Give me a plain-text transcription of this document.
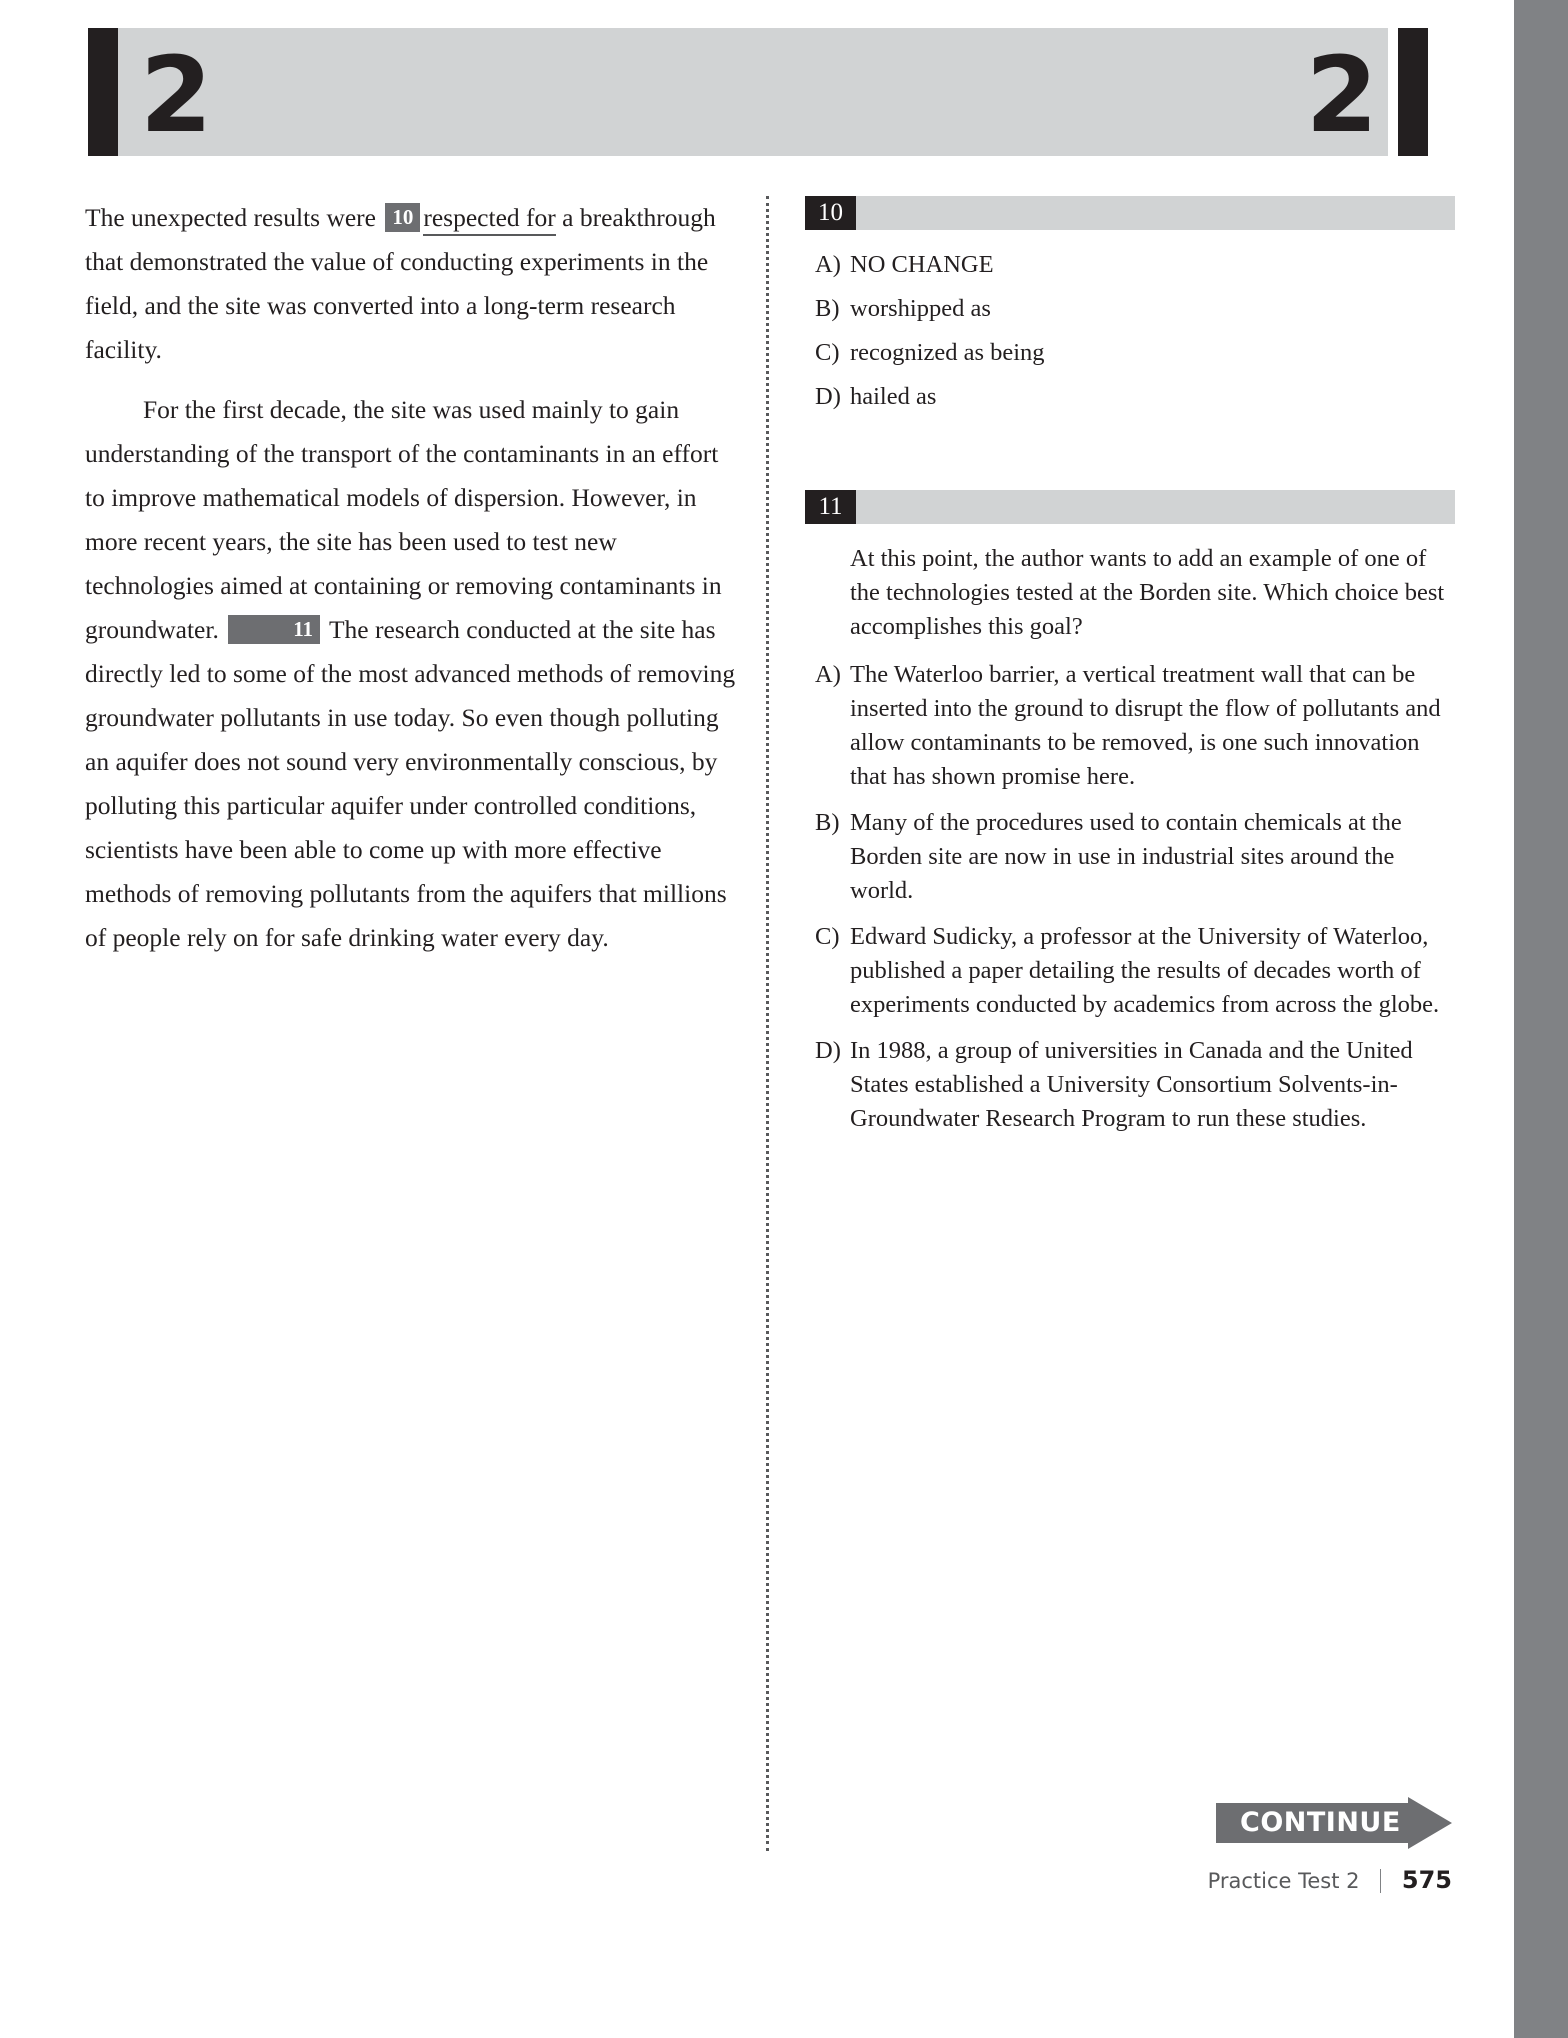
2	2

The unexpected results were 10 respected for a breakthrough that demonstrated the value of conducting experiments in the field, and the site was converted into a long-term research facility.

For the first decade, the site was used mainly to gain understanding of the transport of the contaminants in an effort to improve mathematical models of dispersion. However, in more recent years, the site has been used to test new technologies aimed at containing or removing contaminants in groundwater.	11 The research conducted at the site has directly led to some of the most advanced methods of removing groundwater pollutants in use today. So even though polluting an aquifer does not sound very environmentally conscious, by polluting this particular aquifer under controlled conditions, scientists have been able to come up with more effective methods of removing pollutants from the aquifers that millions of people rely on for safe drinking water every day.

10
A) NO CHANGE
B) worshipped as
C) recognized as being
D) hailed as
11

At this point, the author wants to add an example of one of the technologies tested at the Borden site. Which choice best accomplishes this goal?

A) The Waterloo barrier, a vertical treatment wall that can be inserted into the ground to disrupt the flow of pollutants and allow contaminants to be removed, is one such innovation that has shown promise here.
B) Many of the procedures used to contain chemicals at the Borden site are now in use in industrial sites around the world.
C) Edward Sudicky, a professor at the University of Waterloo, published a paper detailing the results of decades worth of experiments conducted by academics from across the globe.
D) In 1988, a group of universities in Canada and the United States established a University Consortium Solvents-in-Groundwater Research Program to run these studies.
CONTINUE
Practice Test 2 575
